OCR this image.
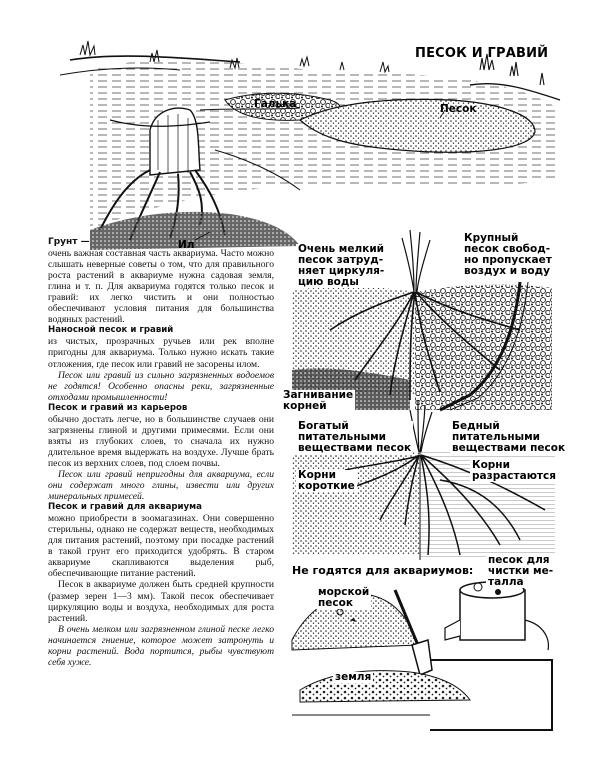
ПЕСОК И ГРАВИЙ
Галька	Песок
Ил	Очень мелкий
песок затруд-
няет циркуля-
цию воды
Крупный
песок свобод-
но пропускает
воздух и воду
Загнивание
корней
Богатый
питательными
веществами песок
Бедный
питательными
веществами песок
Корни
короткие
Корни
разрастаются
Не годятся для аквариумов:
морской
песок
песок для
чистки ме-
талла
земля

Грунт —
очень важная составная часть аквариума. Часто можно слышать неверные советы о том, что для правильного роста растений в аквариуме нужна садовая земля, глина и т. п. Для аквариума годятся только песок и гравий: их легко чистить и они полностью обеспечивают условия питания для большинства водяных растений.

Наносной песок и гравий

из чистых, прозрачных ручьев или рек вполне пригодны для аквариума. Только нужно искать такие отложения, где песок или гравий не засорены илом.

Песок или гравий из сильно загрязненных водоемов не годятся! Особенно опасны реки, загрязненные отходами промышленности!

Песок и гравий из карьеров

обычно достать легче, но в большинстве случаев они загрязнены глиной и другими примесями. Если они взяты из глубоких слоев, то сначала их нужно длительное время выдержать на воздухе. Лучше брать песок из верхних слоев, под слоем почвы.

Песок или гравий непригодны для аквариума, если они содержат много глины, извести или других минеральных примесей.

Песок и гравий для аквариума

можно приобрести в зоомагазинах. Они совершенно стерильны, однако не содержат веществ, необходимых для питания растений, поэтому при посадке растений в такой грунт его приходится удобрять. В старом аквариуме скапливаются выделения рыб, обеспечивающие питание растений.

Песок в аквариуме должен быть средней крупности (размер зерен 1—3 мм). Такой песок обеспечивает циркуляцию воды и воздуха, необходимых для роста растений.

В очень мелком или загрязненном глиной песке легко начинается гниение, которое может затронуть и корни растений. Вода портится, рыбы чувствуют себя хуже.
